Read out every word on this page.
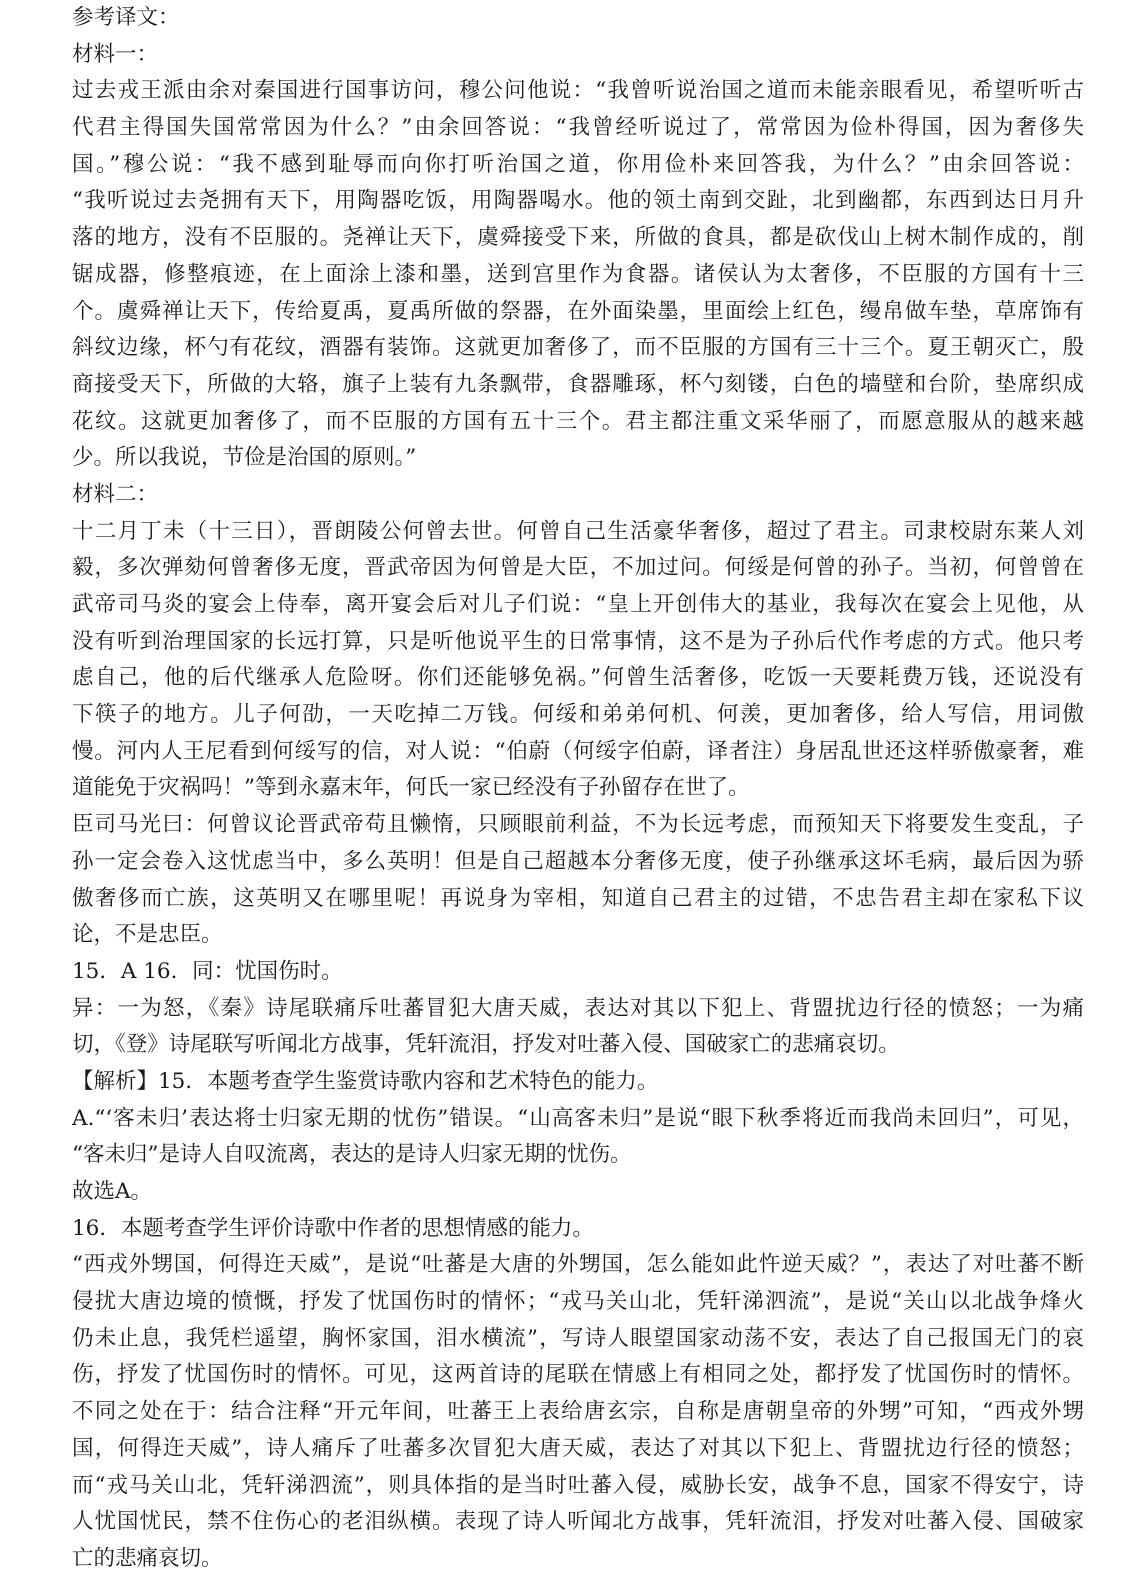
参考译文：
材料一：
过去戎王派由余对秦国进行国事访问，穆公问他说：“我曾听说治国之道而未能亲眼看见，希望听听古
代君主得国失国常常因为什么？”由余回答说：“我曾经听说过了，常常因为俭朴得国，因为奢侈失
国。”穆公说：“我不感到耻辱而向你打听治国之道，你用俭朴来回答我，为什么？”由余回答说：
“我听说过去尧拥有天下，用陶器吃饭，用陶器喝水。他的领土南到交趾，北到幽都，东西到达日月升
落的地方，没有不臣服的。尧禅让天下，虞舜接受下来，所做的食具，都是砍伐山上树木制作成的，削
锯成器，修整痕迹，在上面涂上漆和墨，送到宫里作为食器。诸侯认为太奢侈，不臣服的方国有十三
个。虞舜禅让天下，传给夏禹，夏禹所做的祭器，在外面染墨，里面绘上红色，缦帛做车垫，草席饰有
斜纹边缘，杯勺有花纹，酒器有装饰。这就更加奢侈了，而不臣服的方国有三十三个。夏王朝灭亡，殷
商接受天下，所做的大辂，旗子上装有九条飘带，食器雕琢，杯勺刻镂，白色的墙壁和台阶，垫席织成
花纹。这就更加奢侈了，而不臣服的方国有五十三个。君主都注重文采华丽了，而愿意服从的越来越
少。所以我说，节俭是治国的原则。”
材料二：
十二月丁未（十三日），晋朗陵公何曾去世。何曾自己生活豪华奢侈，超过了君主。司隶校尉东莱人刘
毅，多次弹劾何曾奢侈无度，晋武帝因为何曾是大臣，不加过问。何绥是何曾的孙子。当初，何曾曾在
武帝司马炎的宴会上侍奉，离开宴会后对儿子们说：“皇上开创伟大的基业，我每次在宴会上见他，从
没有听到治理国家的长远打算，只是听他说平生的日常事情，这不是为子孙后代作考虑的方式。他只考
虑自己，他的后代继承人危险呀。你们还能够免祸。”何曾生活奢侈，吃饭一天要耗费万钱，还说没有
下筷子的地方。儿子何劭，一天吃掉二万钱。何绥和弟弟何机、何羡，更加奢侈，给人写信，用词傲
慢。河内人王尼看到何绥写的信，对人说：“伯蔚（何绥字伯蔚，译者注）身居乱世还这样骄傲豪奢，难
道能免于灾祸吗！”等到永嘉末年，何氏一家已经没有子孙留存在世了。
臣司马光曰：何曾议论晋武帝苟且懒惰，只顾眼前利益，不为长远考虑，而预知天下将要发生变乱，子
孙一定会卷入这忧虑当中，多么英明！但是自己超越本分奢侈无度，使子孙继承这坏毛病，最后因为骄
傲奢侈而亡族，这英明又在哪里呢！再说身为宰相，知道自己君主的过错，不忠告君主却在家私下议
论，不是忠臣。
15．A 16．同：忧国伤时。
异：一为怒，《秦》诗尾联痛斥吐蕃冒犯大唐天威，表达对其以下犯上、背盟扰边行径的愤怒；一为痛
切，《登》诗尾联写听闻北方战事，凭轩流泪，抒发对吐蕃入侵、国破家亡的悲痛哀切。
【解析】15．本题考查学生鉴赏诗歌内容和艺术特色的能力。
A.“‘客未归’表达将士归家无期的忧伤”错误。“山高客未归”是说“眼下秋季将近而我尚未回归”，可见，
“客未归”是诗人自叹流离，表达的是诗人归家无期的忧伤。
故选A。
16．本题考查学生评价诗歌中作者的思想情感的能力。
“西戎外甥国，何得迕天威”，是说“吐蕃是大唐的外甥国，怎么能如此忤逆天威？”，表达了对吐蕃不断
侵扰大唐边境的愤慨，抒发了忧国伤时的情怀；“戎马关山北，凭轩涕泗流”，是说“关山以北战争烽火
仍未止息，我凭栏遥望，胸怀家国，泪水横流”，写诗人眼望国家动荡不安，表达了自己报国无门的哀
伤，抒发了忧国伤时的情怀。可见，这两首诗的尾联在情感上有相同之处，都抒发了忧国伤时的情怀。
不同之处在于：结合注释“开元年间，吐蕃王上表给唐玄宗，自称是唐朝皇帝的外甥”可知，“西戎外甥
国，何得迕天威”，诗人痛斥了吐蕃多次冒犯大唐天威，表达了对其以下犯上、背盟扰边行径的愤怒；
而“戎马关山北，凭轩涕泗流”，则具体指的是当时吐蕃入侵，威胁长安，战争不息，国家不得安宁，诗
人忧国忧民，禁不住伤心的老泪纵横。表现了诗人听闻北方战事，凭轩流泪，抒发对吐蕃入侵、国破家
亡的悲痛哀切。
